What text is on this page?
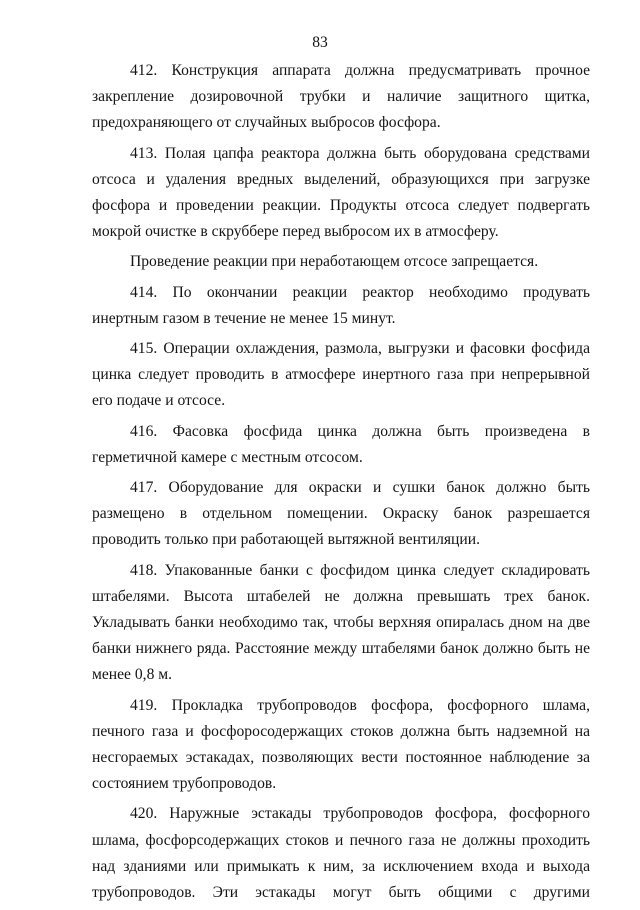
83

412. Конструкция аппарата должна предусматривать прочное закрепление дозировочной трубки и наличие защитного щитка, предохраняющего от случайных выбросов фосфора.

413. Полая цапфа реактора должна быть оборудована средствами отсоса и удаления вредных выделений, образующихся при загрузке фосфора и проведении реакции. Продукты отсоса следует подвергать мокрой очистке в скруббере перед выбросом их в атмосферу.

Проведение реакции при неработающем отсосе запрещается.

414. По окончании реакции реактор необходимо продувать инертным газом в течение не менее 15 минут.

415. Операции охлаждения, размола, выгрузки и фасовки фосфида цинка следует проводить в атмосфере инертного газа при непрерывной его подаче и отсосе.

416. Фасовка фосфида цинка должна быть произведена в герметичной камере с местным отсосом.

417. Оборудование для окраски и сушки банок должно быть размещено в отдельном помещении. Окраску банок разрешается проводить только при работающей вытяжной вентиляции.

418. Упакованные банки с фосфидом цинка следует складировать штабелями. Высота штабелей не должна превышать трех банок. Укладывать банки необходимо так, чтобы верхняя опиралась дном на две банки нижнего ряда. Расстояние между штабелями банок должно быть не менее 0,8 м.

419. Прокладка трубопроводов фосфора, фосфорного шлама, печного газа и фосфоросодержащих стоков должна быть надземной на несгораемых эстакадах, позволяющих вести постоянное наблюдение за состоянием трубопроводов.

420. Наружные эстакады трубопроводов фосфора, фосфорного шлама, фосфорсодержащих стоков и печного газа не должны проходить над зданиями или примыкать к ним, за исключением входа и выхода трубопроводов. Эти эстакады могут быть общими с другими
